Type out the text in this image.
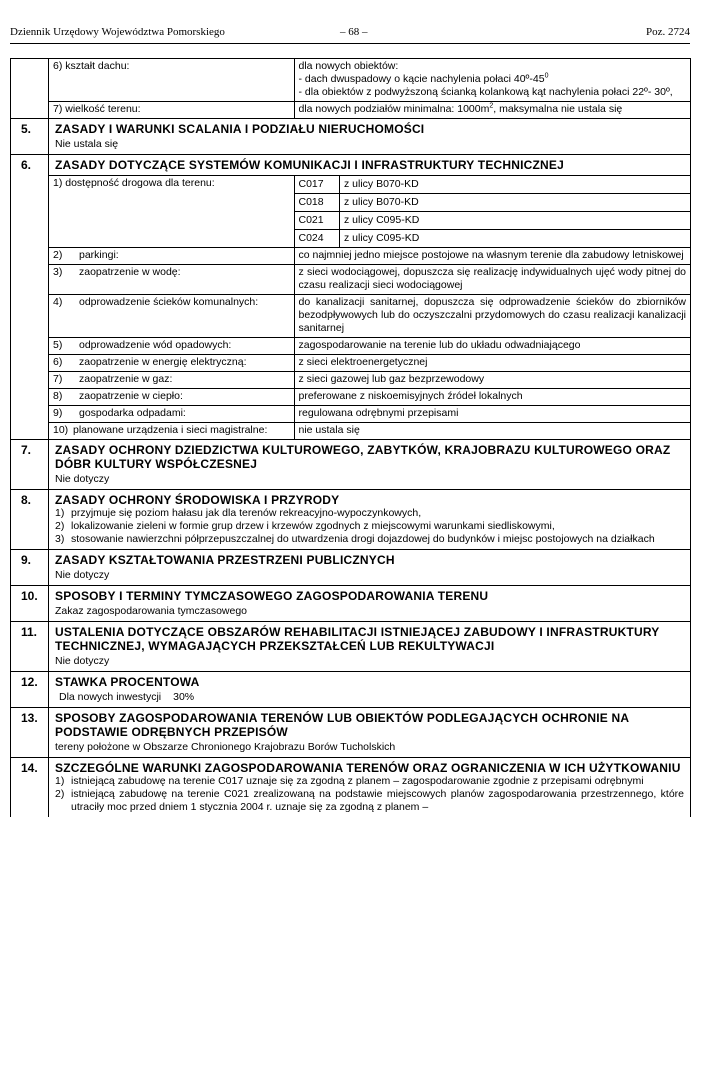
Dziennik Urzędowy Województwa Pomorskiego	– 68 –	Poz. 2724

6) kształt dachu:	dla nowych obiektów:
- dach dwuspadowy o kącie nachylenia połaci $40º-45^0$
- dla obiektów z podwyższoną ścianką kolankową kąt nachylenia połaci 22º- 30º,

7) wielkość terenu:	dla nowych podziałów minimalna: $1000m^2$, maksymalna nie ustala się

5.	ZASADY I WARUNKI SCALANIA I PODZIAŁU NIERUCHOMOŚCI
Nie ustala się

6.	ZASADY DOTYCZĄCE SYSTEMÓW KOMUNIKACJI I INFRASTRUKTURY TECHNICZNEJ
1) dostępność drogowa dla terenu:		C017	z ulicy B070-KD
C018	z ulicy B070-KD
C021	z ulicy C095-KD
C024	z ulicy C095-KD

2)	parkingi:	co najmniej jedno miejsce postojowe na własnym terenie dla zabudowy letniskowej

3)	zaopatrzenie w wodę:	z sieci wodociągowej, dopuszcza się realizację indywidualnych ujęć wody pitnej do czasu realizacji sieci wodociągowej

4)	odprowadzenie ścieków komunalnych:	do kanalizacji sanitarnej, dopuszcza się odprowadzenie ścieków do zbiorników bezodpływowych lub do oczyszczalni przydomowych do czasu realizacji kanalizacji sanitarnej

5)	odprowadzenie wód opadowych:	zagospodarowanie na terenie lub do układu odwadniającego

6)	zaopatrzenie w energię elektryczną:	z sieci elektroenergetycznej

7)	zaopatrzenie w gaz:	z sieci gazowej lub gaz bezprzewodowy

8)	zaopatrzenie w ciepło:	preferowane z niskoemisyjnych źródeł lokalnych

9)	gospodarka odpadami:	regulowana odrębnymi przepisami

10) planowane urządzenia i sieci magistralne:	nie ustala się

7.	ZASADY OCHRONY DZIEDZICTWA KULTUROWEGO, ZABYTKÓW, KRAJOBRAZU KULTUROWEGO ORAZ DÓBR KULTURY WSPÓŁCZESNEJ
Nie dotyczy

8.	ZASADY OCHRONY ŚRODOWISKA I PRZYRODY
1) przyjmuje się poziom hałasu jak dla terenów rekreacyjno-wypoczynkowych,
2) lokalizowanie zieleni w formie grup drzew i krzewów zgodnych z miejscowymi warunkami siedliskowymi,
3) stosowanie nawierzchni półprzepuszczalnej do utwardzenia drogi dojazdowej do budynków i miejsc postojowych na działkach

9.	ZASADY KSZTAŁTOWANIA PRZESTRZENI PUBLICZNYCH
Nie dotyczy

10.	SPOSOBY I TERMINY TYMCZASOWEGO ZAGOSPODAROWANIA TERENU
Zakaz zagospodarowania tymczasowego

11.	USTALENIA DOTYCZĄCE OBSZARÓW REHABILITACJI ISTNIEJĄCEJ ZABUDOWY I INFRASTRUKTURY TECHNICZNEJ, WYMAGAJĄCYCH PRZEKSZTAŁCEŃ LUB REKULTYWACJI
Nie dotyczy

12.	STAWKA PROCENTOWA
Dla nowych inwestycji 30%

13.	SPOSOBY ZAGOSPODAROWANIA TERENÓW LUB OBIEKTÓW PODLEGAJĄCYCH OCHRONIE NA PODSTAWIE ODRĘBNYCH PRZEPISÓW
tereny położone w Obszarze Chronionego Krajobrazu Borów Tucholskich

14.	SZCZEGÓLNE WARUNKI ZAGOSPODAROWANIA TERENÓW ORAZ OGRANICZENIA W ICH UŻYTKOWANIU
1) istniejącą zabudowę na terenie C017 uznaje się za zgodną z planem – zagospodarowanie zgodnie z przepisami odrębnymi
2) istniejącą zabudowę na terenie C021 zrealizowaną na podstawie miejscowych planów zagospodarowania przestrzennego, które utraciły moc przed dniem 1 stycznia 2004 r. uznaje się za zgodną z planem –
